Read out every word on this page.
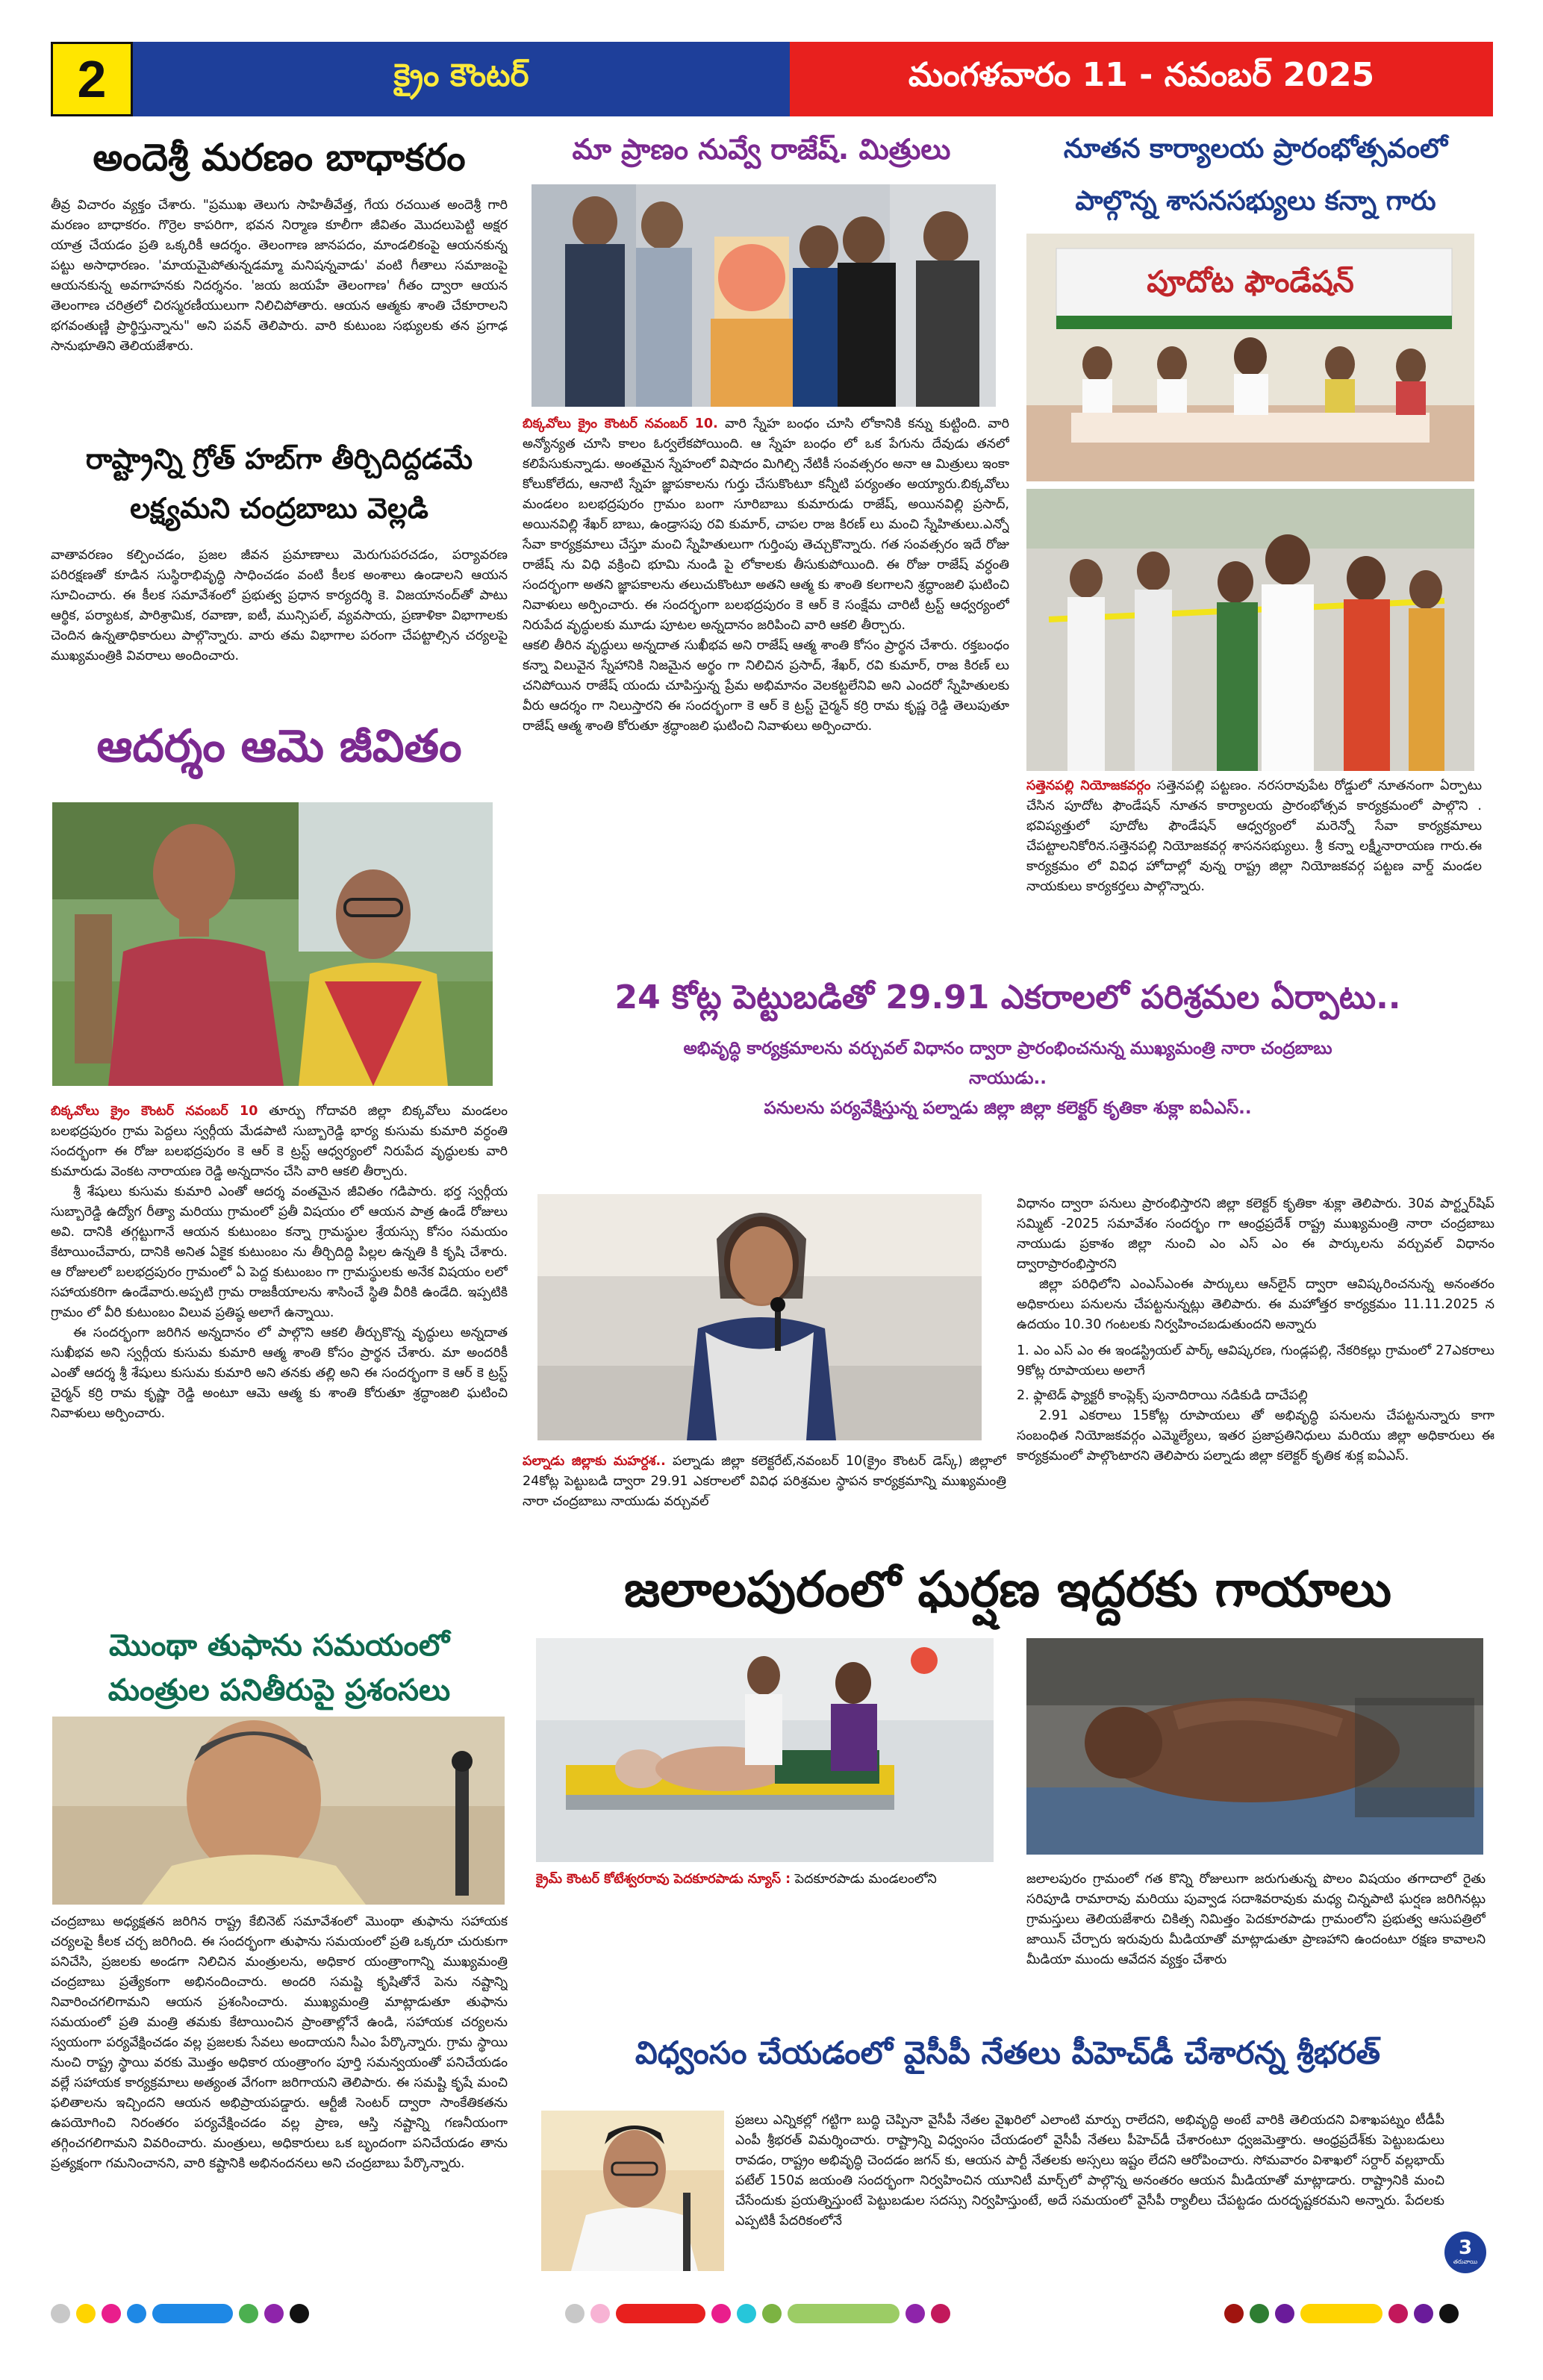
2	క్రైం కౌంటర్	మంగళవారం 11 - నవంబర్ 2025
అందెశ్రీ మరణం బాధాకరం
తీవ్ర విచారం వ్యక్తం చేశారు. "ప్రముఖ తెలుగు సాహితీవేత్త, గేయ రచయిత అందెశ్రీ గారి మరణం బాధాకరం. గొర్రెల కాపరిగా, భవన నిర్మాణ కూలీగా జీవితం మొదలుపెట్టి అక్షర యాత్ర చేయడం ప్రతి ఒక్కరికీ ఆదర్శం. తెలంగాణ జానపదం, మాండలికంపై ఆయనకున్న పట్టు అసాధారణం. 'మాయమైపోతున్నడమ్మా మనిషన్నవాడు' వంటి గీతాలు సమాజంపై ఆయనకున్న అవగాహనకు నిదర్శనం. 'జయ జయహే తెలంగాణ' గీతం ద్వారా ఆయన తెలంగాణ చరిత్రలో చిరస్మరణీయులుగా నిలిచిపోతారు. ఆయన ఆత్మకు శాంతి చేకూరాలని భగవంతుణ్ణి ప్రార్థిస్తున్నాను" అని పవన్ తెలిపారు. వారి కుటుంబ సభ్యులకు తన ప్రగాఢ సానుభూతిని తెలియజేశారు.
రాష్ట్రాన్ని గ్రోత్ హబ్‌గా తీర్చిదిద్దడమే
లక్ష్యమని చంద్రబాబు వెల్లడి
వాతావరణం కల్పించడం, ప్రజల జీవన ప్రమాణాలు మెరుగుపరచడం, పర్యావరణ పరిరక్షణతో కూడిన సుస్థిరాభివృద్ధి సాధించడం వంటి కీలక అంశాలు ఉండాలని ఆయన సూచించారు. ఈ కీలక సమావేశంలో ప్రభుత్వ ప్రధాన కార్యదర్శి కె. విజయానంద్‌తో పాటు ఆర్థిక, పర్యాటక, పారిశ్రామిక, రవాణా, ఐటీ, మున్సిపల్, వ్యవసాయ, ప్రణాళికా విభాగాలకు చెందిన ఉన్నతాధికారులు పాల్గొన్నారు. వారు తమ విభాగాల పరంగా చేపట్టాల్సిన చర్యలపై ముఖ్యమంత్రికి వివరాలు అందించారు.
ఆదర్శం ఆమె జీవితం
బిక్కవోలు క్రైం కౌంటర్ నవంబర్ 10 తూర్పు గోదావరి జిల్లా బిక్కవోలు మండలం బలభద్రపురం గ్రామ పెద్దలు స్వర్గీయ మేడపాటి సుబ్బారెడ్డి భార్య కుసుమ కుమారి వర్ధంతి సందర్భంగా ఈ రోజు బలభద్రపురం కె ఆర్ కె ట్రస్ట్ ఆధ్వర్యంలో నిరుపేద వృద్ధులకు వారి కుమారుడు వెంకట నారాయణ రెడ్డి అన్నదానం చేసి వారి ఆకలి తీర్చారు.
శ్రీ శేషులు కుసుమ కుమారి ఎంతో ఆదర్శ వంతమైన జీవితం గడిపారు. భర్త స్వర్గీయ సుబ్బారెడ్డి ఉద్యోగ రీత్యా మరియు గ్రామంలో ప్రతీ విషయం లో ఆయన పాత్ర ఉండే రోజులు అవి. దానికి తగ్గట్టుగానే ఆయన కుటుంబం కన్నా గ్రామస్థుల శ్రేయస్సు కోసం సమయం కేటాయించేవారు, దానికి అనిత ఏకైక కుటుంబం ను తీర్చిదిద్ది పిల్లల ఉన్నతి కి కృషి చేశారు. ఆ రోజులలో బలభద్రపురం గ్రామంలో ఏ పెద్ద కుటుంబం గా గ్రామస్థులకు అనేక విషయం లలో సహాయకరిగా ఉండేవారు.అప్పటి గ్రామ రాజకీయాలను శాసించే స్థితి వీరికి ఉండేది. ఇప్పటికి గ్రామం లో వీరి కుటుంబం విలువ ప్రతిష్ఠ అలాగే ఉన్నాయి.
ఈ సందర్భంగా జరిగిన అన్నదానం లో పాల్గొని ఆకలి తీర్చుకొన్న వృద్ధులు అన్నదాత సుఖీభవ అని స్వర్గీయ కుసుమ కుమారి ఆత్మ శాంతి కోసం ప్రార్థన చేశారు. మా అందరికీ ఎంతో ఆదర్శ శ్రీ శేషులు కుసుమ కుమారి అని తనకు తల్లి అని ఈ సందర్భంగా కె ఆర్ కె ట్రస్ట్ చైర్మన్ కర్రి రామ కృష్ణా రెడ్డి అంటూ ఆమె ఆత్మ కు శాంతి కోరుతూ శ్రద్ధాంజలి ఘటించి నివాళులు అర్పించారు.
మొంథా తుఫాను సమయంలో
మంత్రుల పనితీరుపై ప్రశంసలు
చంద్రబాబు అధ్యక్షతన జరిగిన రాష్ట్ర కేబినెట్ సమావేశంలో మొంథా తుఫాను సహాయక చర్యలపై కీలక చర్చ జరిగింది. ఈ సందర్భంగా తుఫాను సమయంలో ప్రతి ఒక్కరూ చురుకుగా పనిచేసి, ప్రజలకు అండగా నిలిచిన మంత్రులను, అధికార యంత్రాంగాన్ని ముఖ్యమంత్రి చంద్రబాబు ప్రత్యేకంగా అభినందించారు. అందరి సమష్టి కృషితోనే పెను నష్టాన్ని నివారించగలిగామని ఆయన ప్రశంసించారు. ముఖ్యమంత్రి మాట్లాడుతూ తుఫాను సమయంలో ప్రతి మంత్రి తమకు కేటాయించిన ప్రాంతాల్లోనే ఉండి, సహాయక చర్యలను స్వయంగా పర్యవేక్షించడం వల్ల ప్రజలకు సేవలు అందాయని సీఎం పేర్కొన్నారు. గ్రామ స్థాయి నుంచి రాష్ట్ర స్థాయి వరకు మొత్తం అధికార యంత్రాంగం పూర్తి సమన్వయంతో పనిచేయడం వల్లే సహాయక కార్యక్రమాలు అత్యంత వేగంగా జరిగాయని తెలిపారు. ఈ సమష్టి కృషే మంచి ఫలితాలను ఇచ్చిందని ఆయన అభిప్రాయపడ్డారు. ఆర్టీజీ సెంటర్ ద్వారా సాంకేతికతను ఉపయోగించి నిరంతరం పర్యవేక్షించడం వల్ల ప్రాణ, ఆస్తి నష్టాన్ని గణనీయంగా తగ్గించగలిగామని వివరించారు. మంత్రులు, అధికారులు ఒక బృందంగా పనిచేయడం తాను ప్రత్యక్షంగా గమనించానని, వారి కష్టానికి అభినందనలు అని చంద్రబాబు పేర్కొన్నారు.
మా ప్రాణం నువ్వే రాజేష్. మిత్రులు
బిక్కవోలు క్రైం కౌంటర్ నవంబర్ 10. వారి స్నేహ బంధం చూసి లోకానికి కన్ను కుట్టింది. వారి అన్యోన్యత చూసి కాలం ఓర్వలేకపోయింది. ఆ స్నేహ బంధం లో ఒక పేగును దేవుడు తనలో కలిపేసుకున్నాడు. అంతమైన స్నేహంలో విషాదం మిగిల్చి నేటికీ సంవత్సరం అనా ఆ మిత్రులు ఇంకా కోలుకోలేదు, ఆనాటి స్నేహ జ్ఞాపకాలను గుర్తు చేసుకొంటూ కన్నీటి పర్యంతం అయ్యారు.బిక్కవోలు మండలం బలభద్రపురం గ్రామం బంగా సూరిబాబు కుమారుడు రాజేష్, అయినవిల్లి ప్రసాద్, అయినవిల్లి శేఖర్ బాబు, ఉండ్రాసపు రవి కుమార్, చాపల రాజ కిరణ్ లు మంచి స్నేహితులు.ఎన్నో సేవా కార్యక్రమాలు చేస్తూ మంచి స్నేహితులుగా గుర్తింపు తెచ్చుకొన్నారు. గత సంవత్సరం ఇదే రోజు రాజేష్ ను విధి వక్రించి భూమి నుండి పై లోకాలకు తీసుకుపోయింది. ఈ రోజు రాజేష్ వర్ధంతి సందర్భంగా అతని జ్ఞాపకాలను తలుచుకొంటూ అతని ఆత్మ కు శాంతి కలగాలని శ్రద్ధాంజలి ఘటించి నివాళులు అర్పించారు. ఈ సందర్భంగా బలభద్రపురం కె ఆర్ కె సంక్షేమ చారిటీ ట్రస్ట్ ఆధ్వర్యంలో నిరుపేద వృద్ధులకు మూడు పూటల అన్నదానం జరిపించి వారి ఆకలి తీర్చారు.
ఆకలి తీరిన వృద్ధులు అన్నదాత సుఖీభవ అని రాజేష్ ఆత్మ శాంతి కోసం ప్రార్థన చేశారు. రక్తబంధం కన్నా విలువైన స్నేహానికి నిజమైన అర్థం గా నిలిచిన ప్రసాద్, శేఖర్, రవి కుమార్, రాజ కిరణ్ లు చనిపోయిన రాజేష్ యందు చూపిస్తున్న ప్రేమ అభిమానం వెలకట్టలేనివి అని ఎందరో స్నేహితులకు వీరు ఆదర్శం గా నిలుస్తారని ఈ సందర్భంగా కె ఆర్ కె ట్రస్ట్ చైర్మన్ కర్రి రామ కృష్ణ రెడ్డి తెలుపుతూ రాజేష్ ఆత్మ శాంతి కోరుతూ శ్రద్ధాంజలి ఘటించి నివాళులు అర్పించారు.
నూతన కార్యాలయ ప్రారంభోత్సవంలో
పాల్గొన్న శాసనసభ్యులు కన్నా గారు
పూదోట ఫౌండేషన్
సత్తెనపల్లి నియోజకవర్గం సత్తెనపల్లి పట్టణం. నరసరావుపేట రోడ్డులో నూతనంగా ఏర్పాటు చేసిన పూదోట ఫౌండేషన్ నూతన కార్యాలయ ప్రారంభోత్సవ కార్యక్రమంలో పాల్గొని . భవిష్యత్తులో పూదోట ఫౌండేషన్ ఆధ్వర్యంలో మరెన్నో సేవా కార్యక్రమాలు చేపట్టాలనికోరిన.సత్తెనపల్లి నియోజకవర్గ శాసనసభ్యులు. శ్రీ కన్నా లక్ష్మీనారాయణ గారు.ఈ కార్యక్రమం లో వివిధ హోదాల్లో వున్న రాష్ట్ర జిల్లా నియోజకవర్గ పట్టణ వార్డ్ మండల నాయకులు కార్యకర్తలు పాల్గొన్నారు.
24 కోట్ల పెట్టుబడితో 29.91 ఎకరాలలో పరిశ్రమల ఏర్పాటు..
అభివృద్ధి కార్యక్రమాలను వర్చువల్ విధానం ద్వారా ప్రారంభించనున్న ముఖ్యమంత్రి నారా చంద్రబాబు
నాయుడు..
పనులను పర్యవేక్షిస్తున్న పల్నాడు జిల్లా జిల్లా కలెక్టర్ కృతికా శుక్లా ఐఏఎస్..
పల్నాడు జిల్లాకు మహర్దశ.. పల్నాడు జిల్లా కలెక్టరేట్,నవంబర్ 10(క్రైం కౌంటర్ డెస్క్) జిల్లాలో 24కోట్ల పెట్టుబడి ద్వారా 29.91 ఎకరాలలో వివిధ పరిశ్రమల స్థాపన కార్యక్రమాన్ని ముఖ్యమంత్రి నారా చంద్రబాబు నాయుడు వర్చువల్
విధానం ద్వారా పనులు ప్రారంభిస్తారని జిల్లా కలెక్టర్ కృతికా శుక్లా తెలిపారు. 30వ పార్ట్నర్‌షిప్ సమ్మిట్ -2025 సమావేశం సందర్భం గా ఆంధ్రప్రదేశ్ రాష్ట్ర ముఖ్యమంత్రి నారా చంద్రబాబు నాయుడు ప్రకాశం జిల్లా నుంచి ఎం ఎస్ ఎం ఈ పార్కులను వర్చువల్ విధానం ద్వారాప్రారంభిస్తారని
జిల్లా పరిధిలోని ఎంఎస్ఎంఈ పార్కులు ఆన్‌లైన్ ద్వారా ఆవిష్కరించనున్న అనంతరం అధికారులు పనులను చేపట్టనున్నట్లు తెలిపారు. ఈ మహోత్తర కార్యక్రమం 11.11.2025 న ఉదయం 10.30 గంటలకు నిర్వహించబడుతుందని అన్నారు
1. ఎం ఎస్ ఎం ఈ ఇండస్ట్రియల్ పార్క్ ఆవిష్కరణ, గుండ్లపల్లి, నేకరికల్లు గ్రామంలో 27ఎకరాలు 9కోట్ల రూపాయలు అలాగే
2. ఫ్లాటెడ్ ఫ్యాక్టరీ కాంప్లెక్స్ పునాదిరాయి నడికుడి దాచేపల్లి
2.91 ఎకరాలు 15కోట్ల రూపాయలు తో అభివృద్ధి పనులను చేపట్టనున్నారు కాగా సంబంధిత నియోజకవర్గం ఎమ్మెల్యేలు, ఇతర ప్రజాప్రతినిధులు మరియు జిల్లా అధికారులు ఈ కార్యక్రమంలో పాల్గొంటారని తెలిపారు పల్నాడు జిల్లా కలెక్టర్ కృతిక శుక్ల ఐఏఎస్.
జలాలపురంలో ఘర్షణ ఇద్దరకు గాయాలు
క్రైమ్ కౌంటర్ కోటేశ్వరరావు పెదకూరపాడు న్యూస్ : పెదకూరపాడు మండలంలోని	జలాలపురం గ్రామంలో గత కొన్ని రోజులుగా జరుగుతున్న పొలం విషయం తగాదాలో రైతు సరిపూడి రామారావు మరియు పువ్వాడ సదాశివరావుకు మధ్య చిన్నపాటి ఘర్షణ జరిగినట్లు గ్రామస్తులు తెలియజేశారు చికిత్స నిమిత్తం పెదకూరపాడు గ్రామంలోని ప్రభుత్వ ఆసుపత్రిలో జాయిన్ చేర్చారు ఇరువురు మీడియాతో మాట్లాడుతూ ప్రాణహాని ఉందంటూ రక్షణ కావాలని మీడియా ముందు ఆవేదన వ్యక్తం చేశారు
విధ్వంసం చేయడంలో వైసీపీ నేతలు పీహెచ్‌డీ చేశారన్న శ్రీభరత్
ప్రజలు ఎన్నికల్లో గట్టిగా బుద్ధి చెప్పినా వైసీపీ నేతల వైఖరిలో ఎలాంటి మార్పు రాలేదని, అభివృద్ధి అంటే వారికి తెలియదని విశాఖపట్నం టీడీపీ ఎంపీ శ్రీభరత్ విమర్శించారు. రాష్ట్రాన్ని విధ్వంసం చేయడంలో వైసీపీ నేతలు పీహెచ్‌డీ చేశారంటూ ధ్వజమెత్తారు. ఆంధ్రప్రదేశ్‌కు పెట్టుబడులు రావడం, రాష్ట్రం అభివృద్ధి చెందడం జగన్ కు, ఆయన పార్టీ నేతలకు అస్సలు ఇష్టం లేదని ఆరోపించారు. సోమవారం విశాఖలో సర్దార్ వల్లభాయ్ పటేల్ 150వ జయంతి సందర్భంగా నిర్వహించిన యూనిటీ మార్చ్‌లో పాల్గొన్న అనంతరం ఆయన మీడియాతో మాట్లాడారు. రాష్ట్రానికి మంచి చేసేందుకు ప్రయత్నిస్తుంటే పెట్టుబడుల సదస్సు నిర్వహిస్తుంటే, అదే సమయంలో వైసీపీ ర్యాలీలు చేపట్టడం దురదృష్టకరమని అన్నారు. పేదలకు ఎప్పటికీ పేదరికంలోనే
3
తరువాయి
